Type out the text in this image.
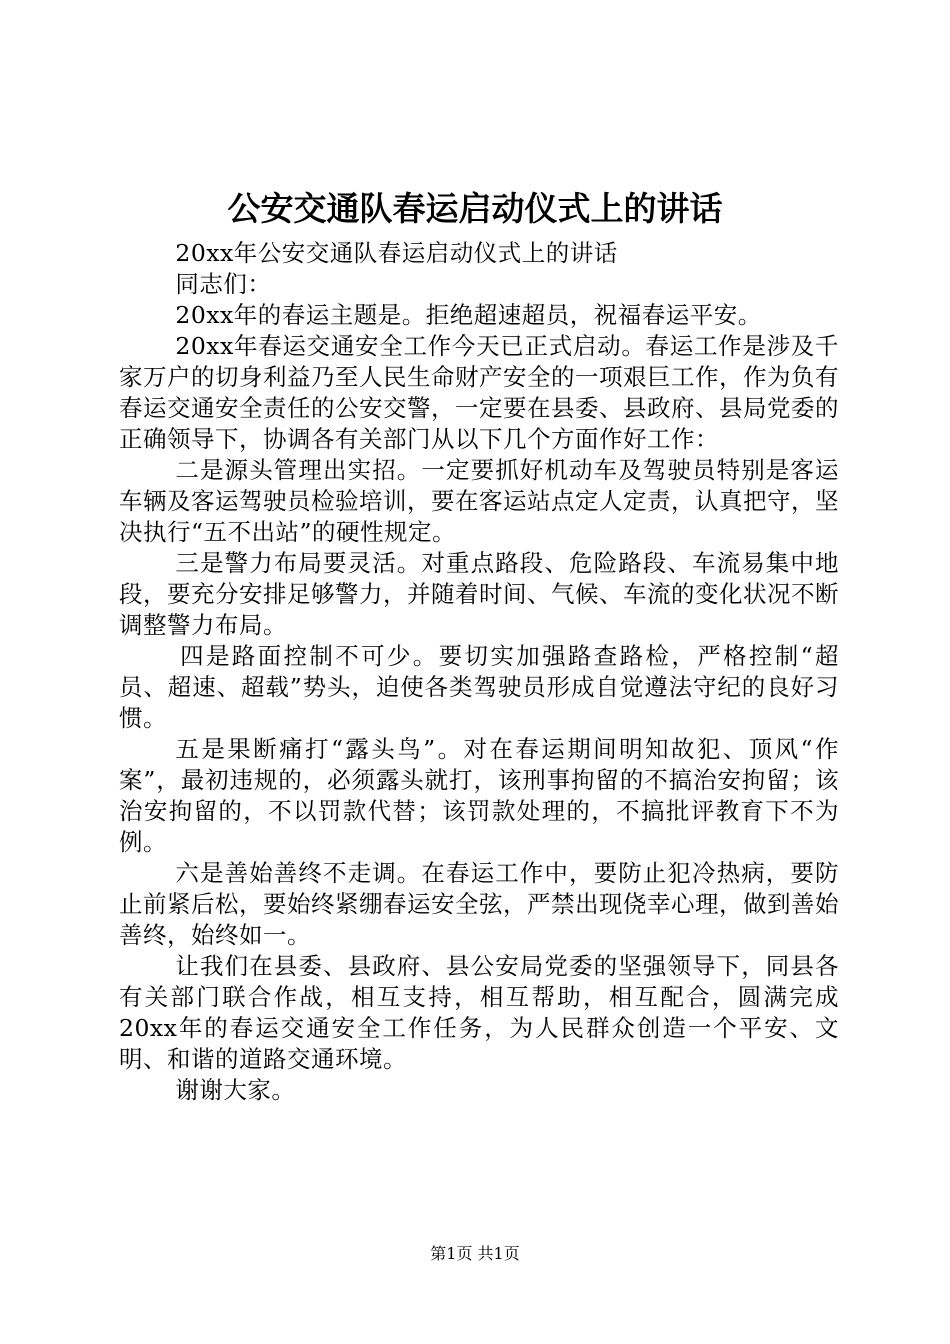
公安交通队春运启动仪式上的讲话

20xx年公安交通队春运启动仪式上的讲话

同志们：

20xx年的春运主题是。拒绝超速超员，祝福春运平安。

20xx年春运交通安全工作今天已正式启动。春运工作是涉及千家万户的切身利益乃至人民生命财产安全的一项艰巨工作，作为负有春运交通安全责任的公安交警，一定要在县委、县政府、县局党委的正确领导下，协调各有关部门从以下几个方面作好工作：

二是源头管理出实招。一定要抓好机动车及驾驶员特别是客运车辆及客运驾驶员检验培训，要在客运站点定人定责，认真把守，坚决执行“五不出站”的硬性规定。

三是警力布局要灵活。对重点路段、危险路段、车流易集中地段，要充分安排足够警力，并随着时间、气候、车流的变化状况不断调整警力布局。

四是路面控制不可少。要切实加强路查路检，严格控制“超员、超速、超载”势头，迫使各类驾驶员形成自觉遵法守纪的良好习惯。

五是果断痛打“露头鸟”。对在春运期间明知故犯、顶风“作案”，最初违规的，必须露头就打，该刑事拘留的不搞治安拘留；该治安拘留的，不以罚款代替；该罚款处理的，不搞批评教育下不为例。

六是善始善终不走调。在春运工作中，要防止犯冷热病，要防止前紧后松，要始终紧绷春运安全弦，严禁出现侥幸心理，做到善始善终，始终如一。

让我们在县委、县政府、县公安局党委的坚强领导下，同县各有关部门联合作战，相互支持，相互帮助，相互配合，圆满完成20xx年的春运交通安全工作任务，为人民群众创造一个平安、文明、和谐的道路交通环境。

谢谢大家。

第1页 共1页
